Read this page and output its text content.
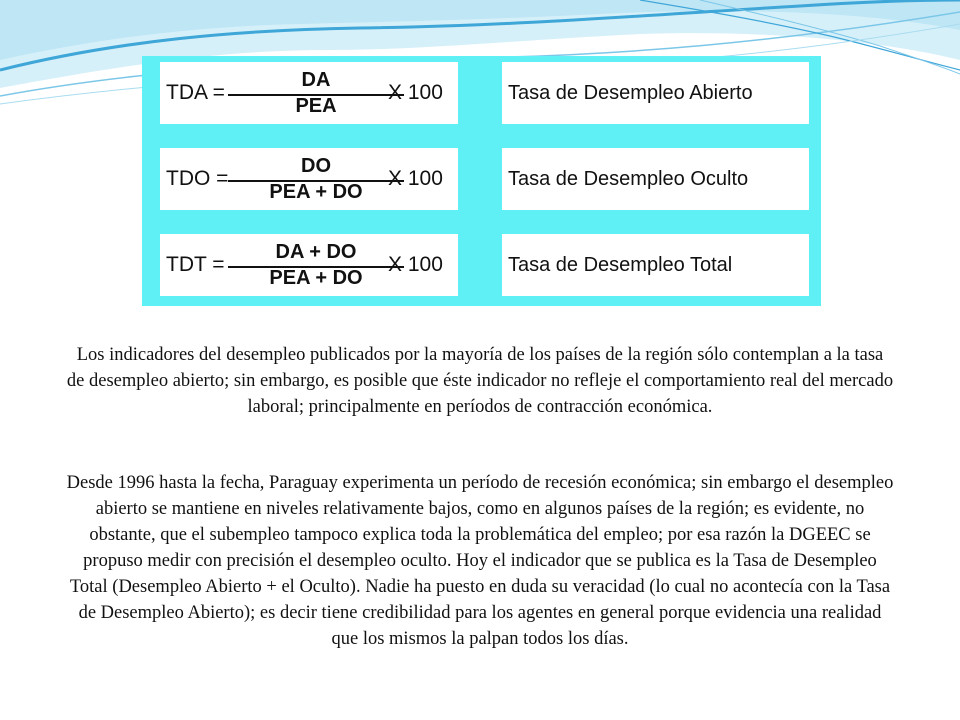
TDA =
DA
PEA
X 100	Tasa de Desempleo Abierto
TDO =
DO
PEA + DO
X 100	Tasa de Desempleo Oculto
TDT =
DA + DO
PEA + DO
X 100	Tasa de Desempleo Total

Los indicadores del desempleo publicados por la mayoría de los países de la región sólo contemplan a la tasa de desempleo abierto; sin embargo, es posible que éste indicador no refleje el comportamiento real del mercado laboral; principalmente en períodos de contracción económica.

Desde 1996 hasta la fecha, Paraguay experimenta un período de recesión económica; sin embargo el desempleo abierto se mantiene en niveles relativamente bajos, como en algunos países de la región; es evidente, no obstante, que el subempleo tampoco explica toda la problemática del empleo; por esa razón la DGEEC se propuso medir con precisión el desempleo oculto. Hoy el indicador que se publica es la Tasa de Desempleo Total (Desempleo Abierto + el Oculto). Nadie ha puesto en duda su veracidad (lo cual no acontecía con la Tasa de Desempleo Abierto); es decir tiene credibilidad para los agentes en general porque evidencia una realidad que los mismos la palpan todos los días.
